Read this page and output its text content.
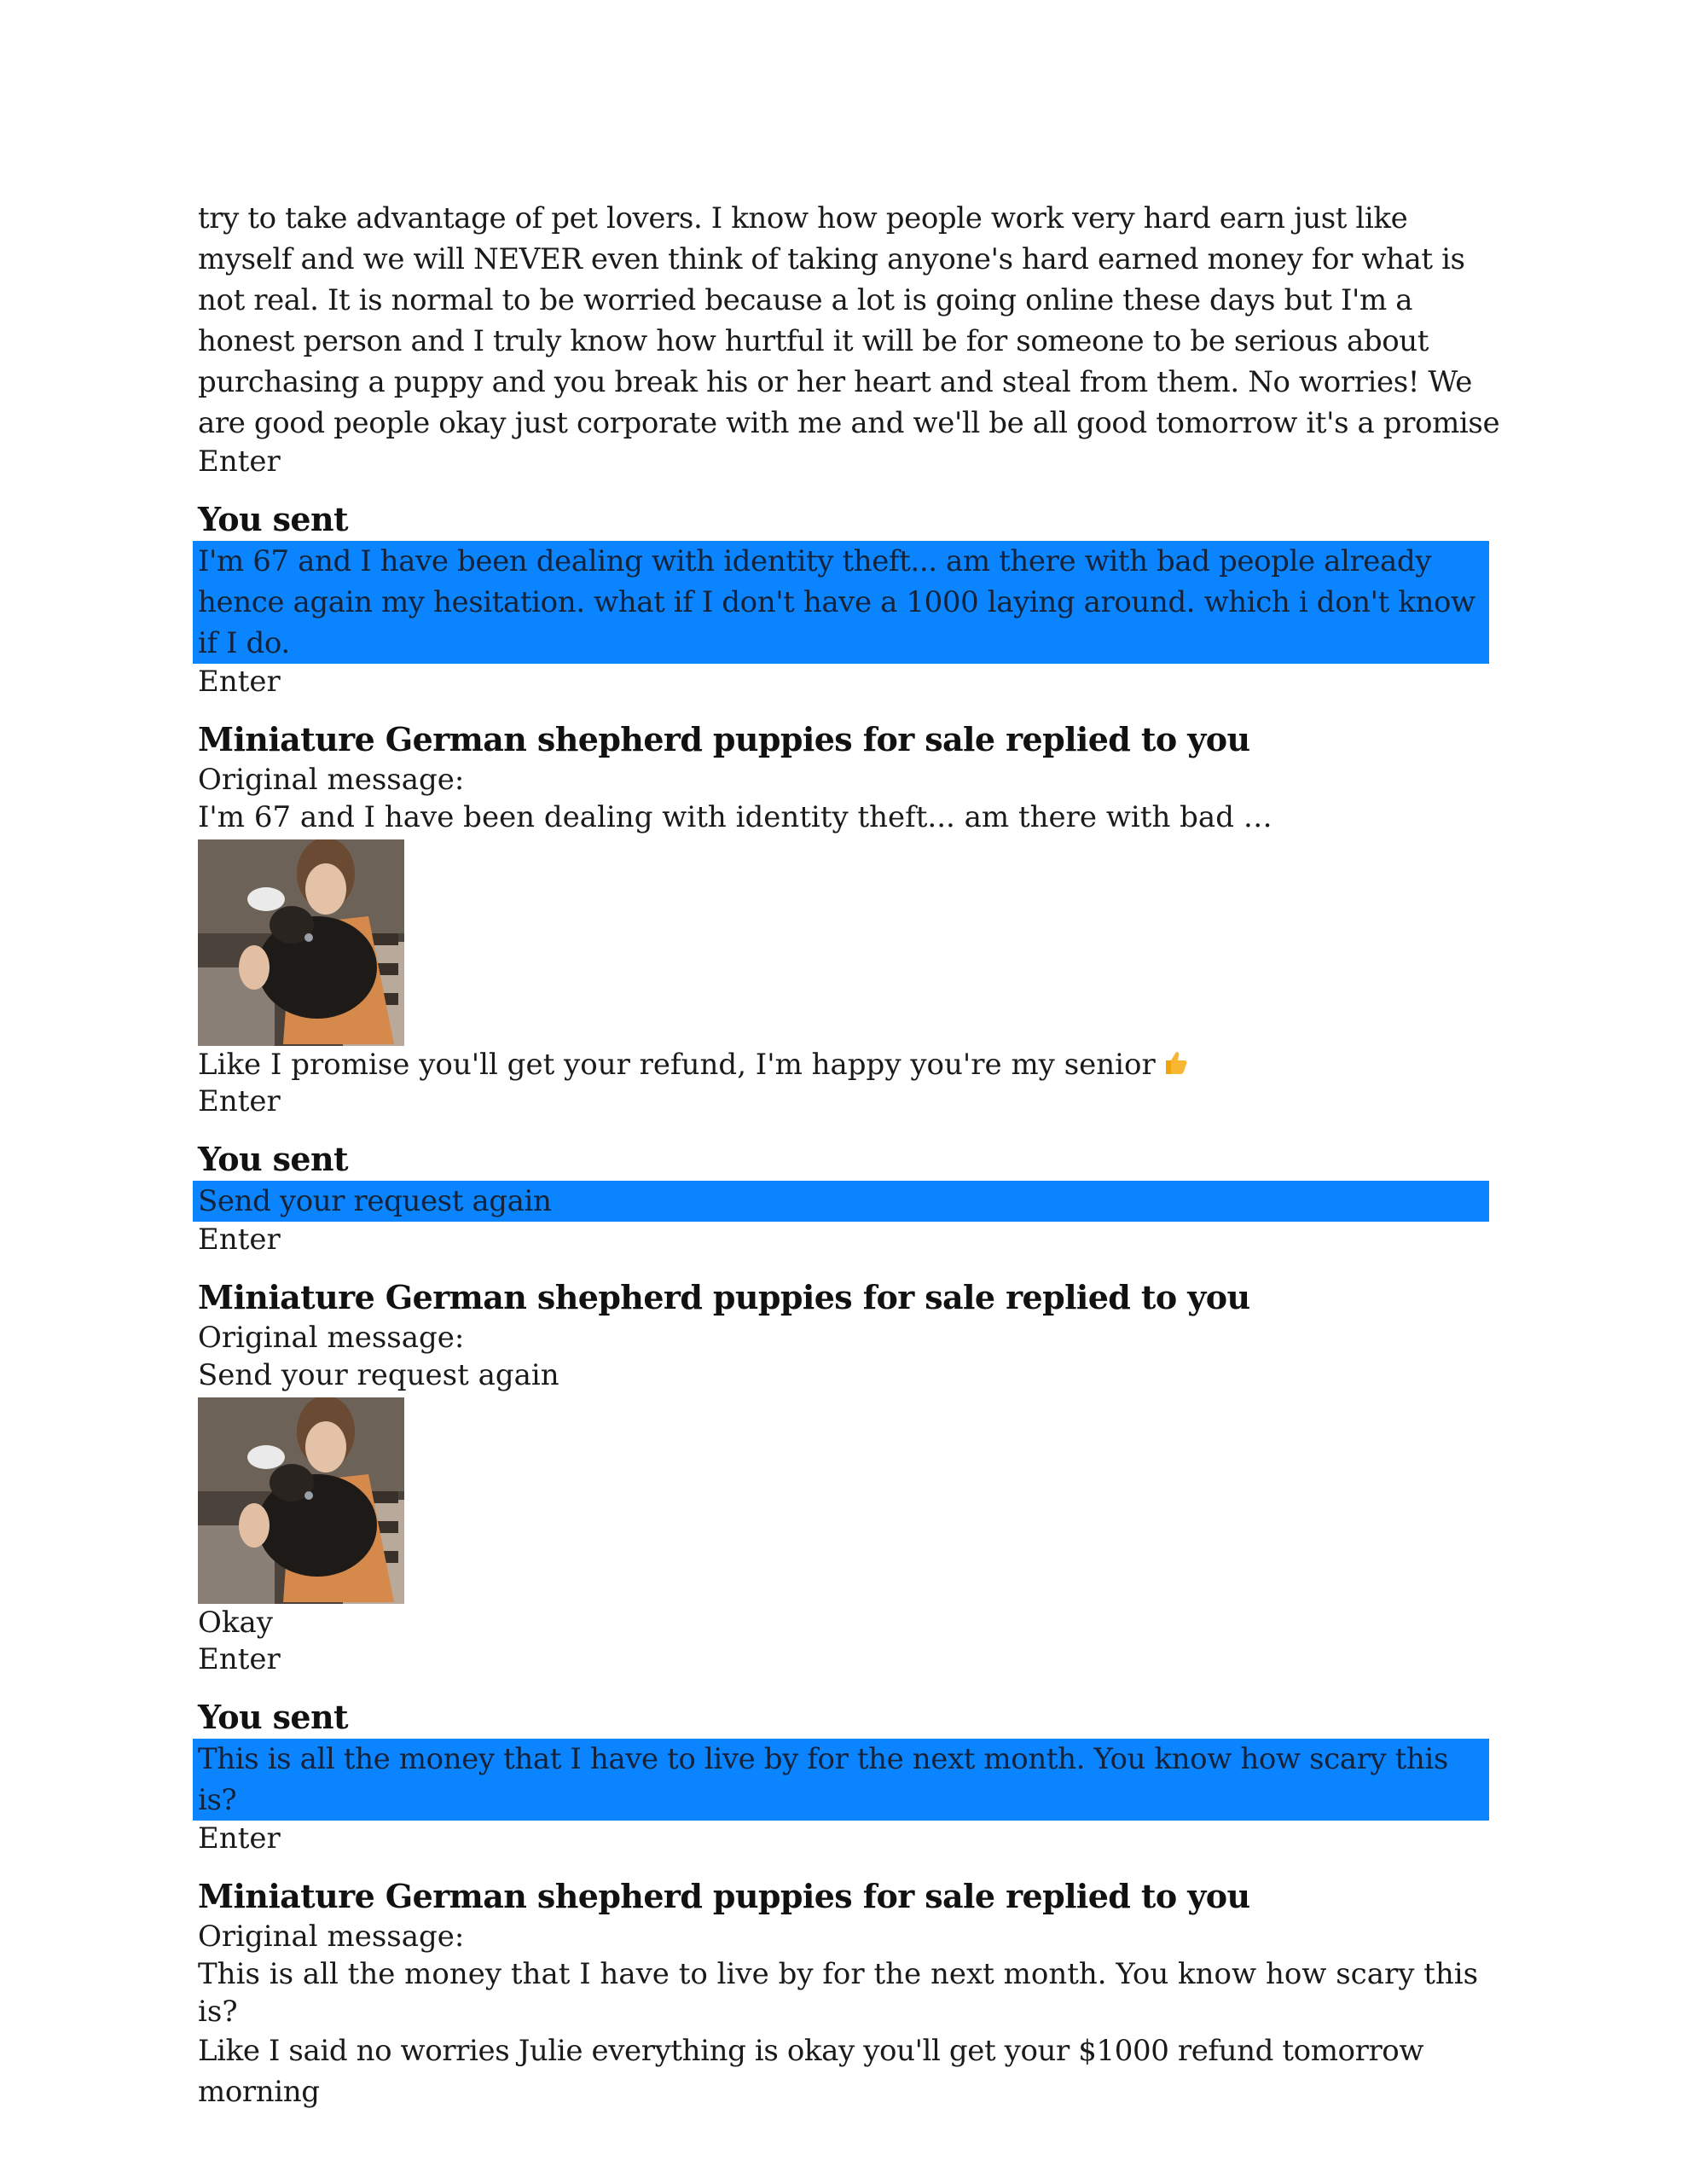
try to take advantage of pet lovers. I know how people work very hard earn just like myself and we will NEVER even think of taking anyone's hard earned money for what is not real. It is normal to be worried because a lot is going online these days but I'm a honest person and I truly know how hurtful it will be for someone to be serious about purchasing a puppy and you break his or her heart and steal from them. No worries! We are good people okay just corporate with me and we'll be all good tomorrow it's a promise

Enter

You sent
I'm 67 and I have been dealing with identity theft... am there with bad people already hence again my hesitation. what if I don't have a 1000 laying around. which i don't know if I do.

Enter

Miniature German shepherd puppies for sale replied to you

Original message:

I'm 67 and I have been dealing with identity theft... am there with bad …

Like I promise you'll get your refund, I'm happy you're my senior

Enter

You sent
Send your request again

Enter

Miniature German shepherd puppies for sale replied to you

Original message:

Send your request again

Okay

Enter

You sent
This is all the money that I have to live by for the next month. You know how scary this is?

Enter

Miniature German shepherd puppies for sale replied to you

Original message:

This is all the money that I have to live by for the next month. You know how scary this is?

Like I said no worries Julie everything is okay you'll get your $1000 refund tomorrow morning
